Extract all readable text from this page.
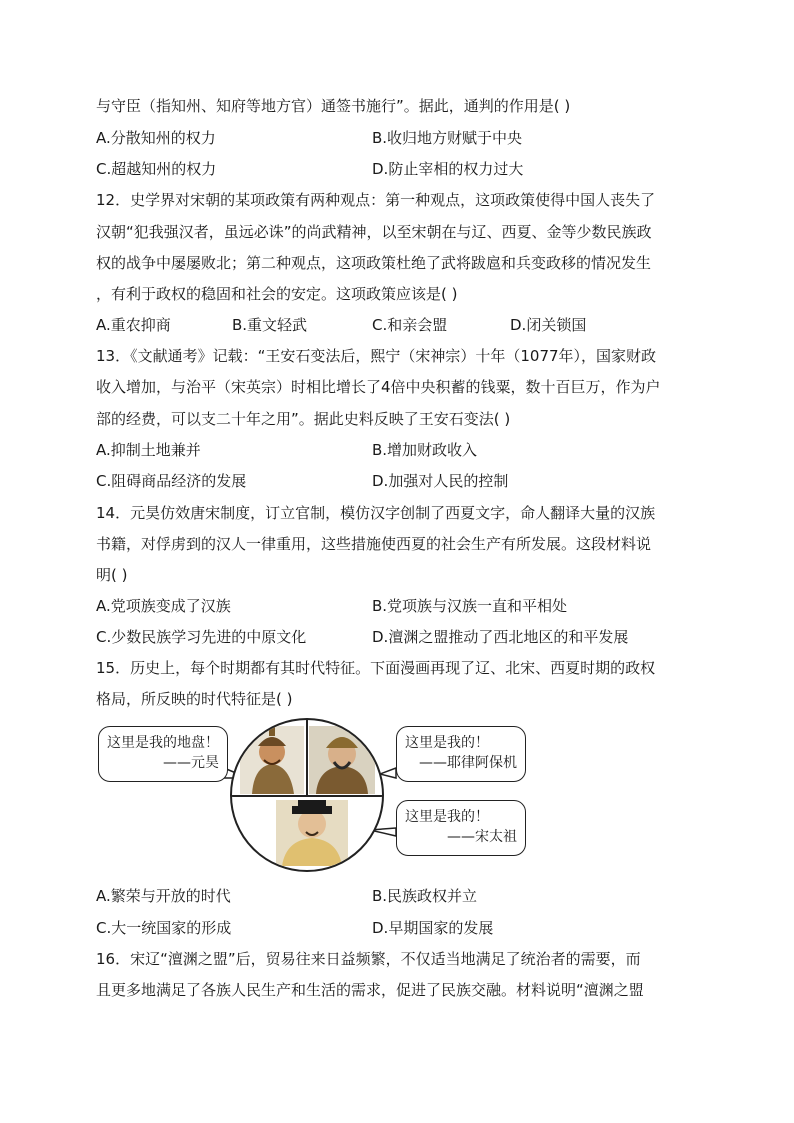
与守臣（指知州、知府等地方官）通签书施行”。据此，通判的作用是( )
A.分散知州的权力	B.收归地方财赋于中央
C.超越知州的权力	D.防止宰相的权力过大
12．史学界对宋朝的某项政策有两种观点：第一种观点，这项政策使得中国人丧失了
汉朝“犯我强汉者，虽远必诛”的尚武精神，以至宋朝在与辽、西夏、金等少数民族政
权的战争中屡屡败北；第二种观点，这项政策杜绝了武将跋扈和兵变政移的情况发生
，有利于政权的稳固和社会的安定。这项政策应该是( )
A.重农抑商	B.重文轻武	C.和亲会盟	D.闭关锁国
13．《文献通考》记载：“王安石变法后，熙宁（宋神宗）十年（1077年），国家财政
收入增加，与治平（宋英宗）时相比增长了4倍中央积蓄的钱粟，数十百巨万，作为户
部的经费，可以支二十年之用”。据此史料反映了王安石变法( )
A.抑制土地兼并	B.增加财政收入
C.阻碍商品经济的发展	D.加强对人民的控制
14．元昊仿效唐宋制度，订立官制，模仿汉字创制了西夏文字，命人翻译大量的汉族
书籍，对俘虏到的汉人一律重用，这些措施使西夏的社会生产有所发展。这段材料说
明( )
A.党项族变成了汉族	B.党项族与汉族一直和平相处
C.少数民族学习先进的中原文化	D.澶渊之盟推动了西北地区的和平发展
15．历史上，每个时期都有其时代特征。下面漫画再现了辽、北宋、西夏时期的政权
格局，所反映的时代特征是( )
这里是我的地盘！
——元昊
这里是我的！
——耶律阿保机
这里是我的！
——宋太祖
A.繁荣与开放的时代	B.民族政权并立
C.大一统国家的形成	D.早期国家的发展
16．宋辽“澶渊之盟”后，贸易往来日益频繁，不仅适当地满足了统治者的需要，而
且更多地满足了各族人民生产和生活的需求，促进了民族交融。材料说明“澶渊之盟
